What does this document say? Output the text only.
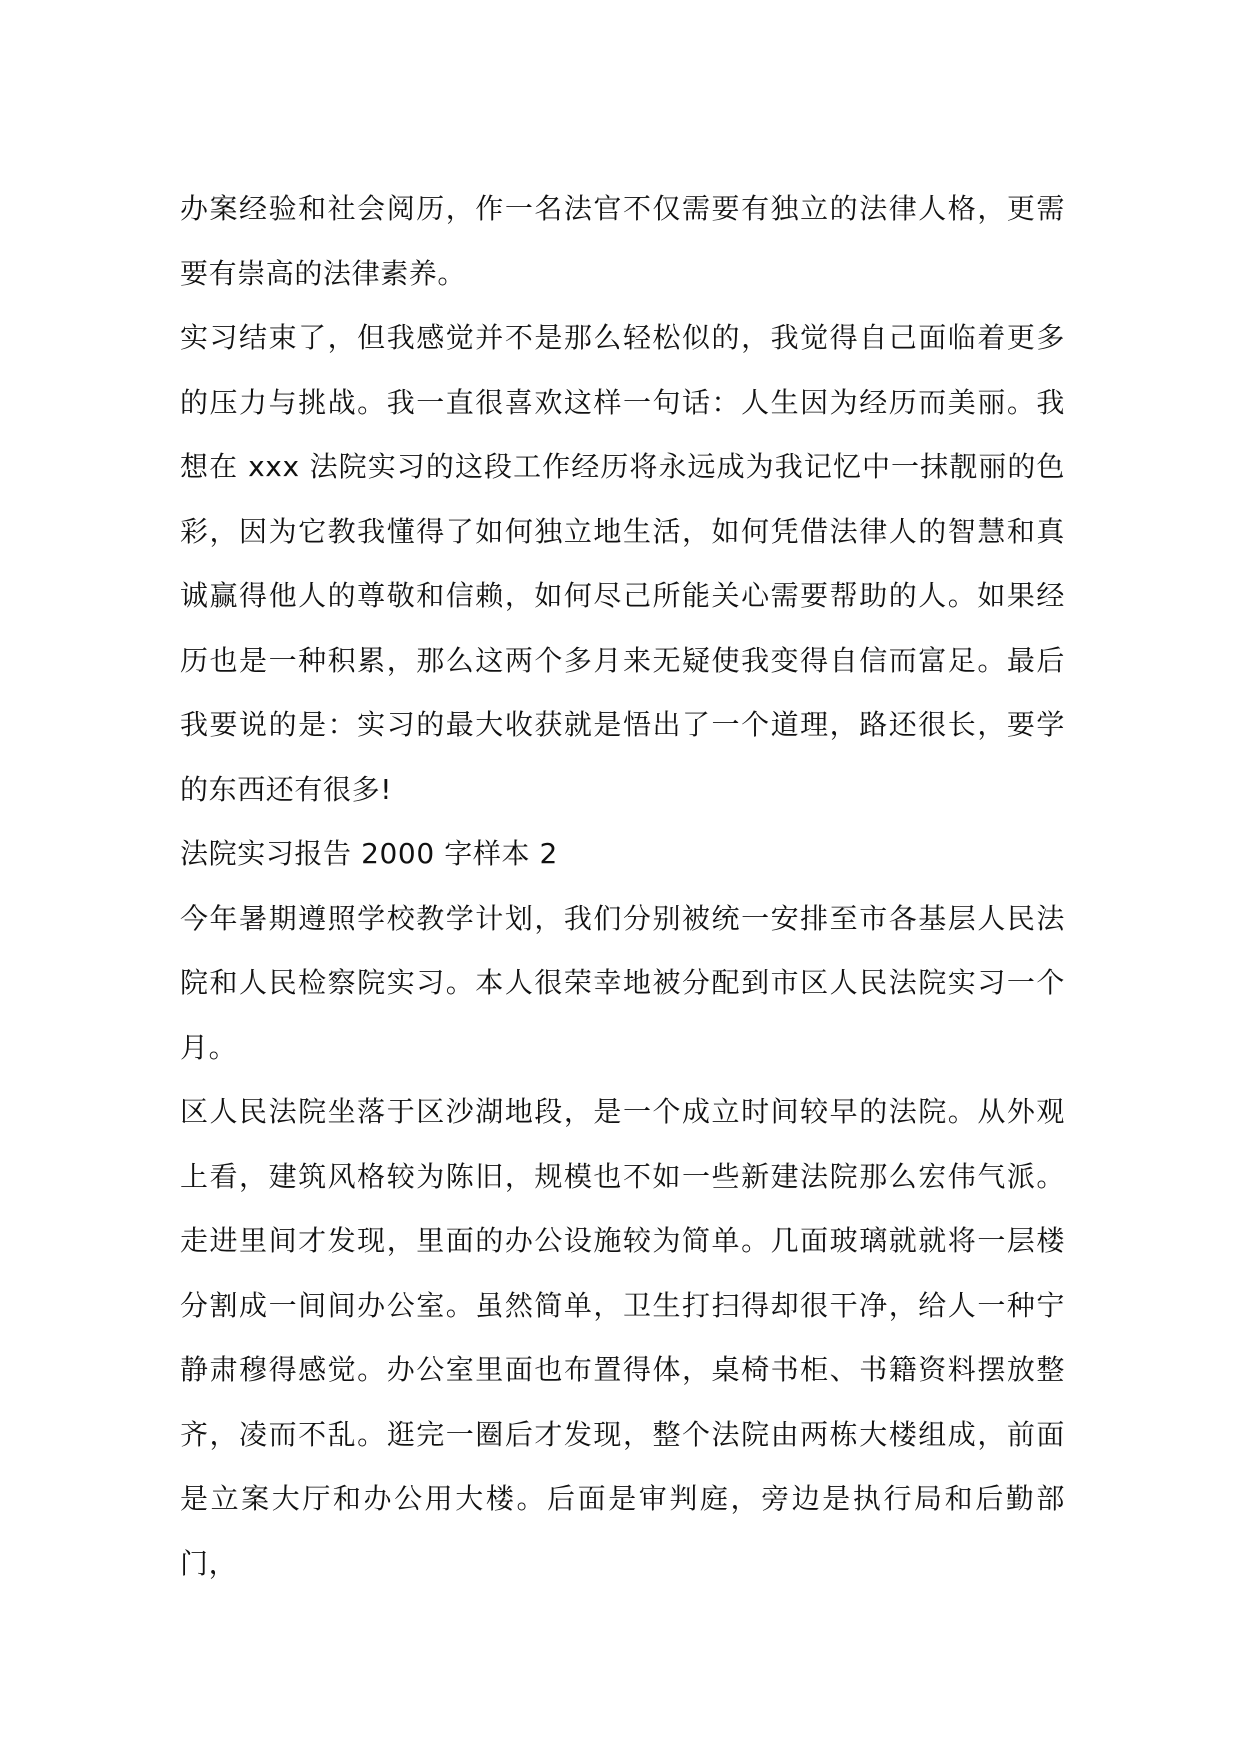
办案经验和社会阅历，作一名法官不仅需要有独立的法律人格，更需要有崇高的法律素养。

实习结束了，但我感觉并不是那么轻松似的，我觉得自己面临着更多的压力与挑战。我一直很喜欢这样一句话：人生因为经历而美丽。我想在 xxx 法院实习的这段工作经历将永远成为我记忆中一抹靓丽的色彩，因为它教我懂得了如何独立地生活，如何凭借法律人的智慧和真诚赢得他人的尊敬和信赖，如何尽己所能关心需要帮助的人。如果经历也是一种积累，那么这两个多月来无疑使我变得自信而富足。最后我要说的是：实习的最大收获就是悟出了一个道理，路还很长，要学的东西还有很多!

法院实习报告 2000 字样本 2

今年暑期遵照学校教学计划，我们分别被统一安排至市各基层人民法院和人民检察院实习。本人很荣幸地被分配到市区人民法院实习一个月。

区人民法院坐落于区沙湖地段，是一个成立时间较早的法院。从外观上看，建筑风格较为陈旧，规模也不如一些新建法院那么宏伟气派。走进里间才发现，里面的办公设施较为简单。几面玻璃就就将一层楼分割成一间间办公室。虽然简单，卫生打扫得却很干净，给人一种宁静肃穆得感觉。办公室里面也布置得体，桌椅书柜、书籍资料摆放整齐，凌而不乱。逛完一圈后才发现，整个法院由两栋大楼组成，前面是立案大厅和办公用大楼。后面是审判庭，旁边是执行局和后勤部门，
